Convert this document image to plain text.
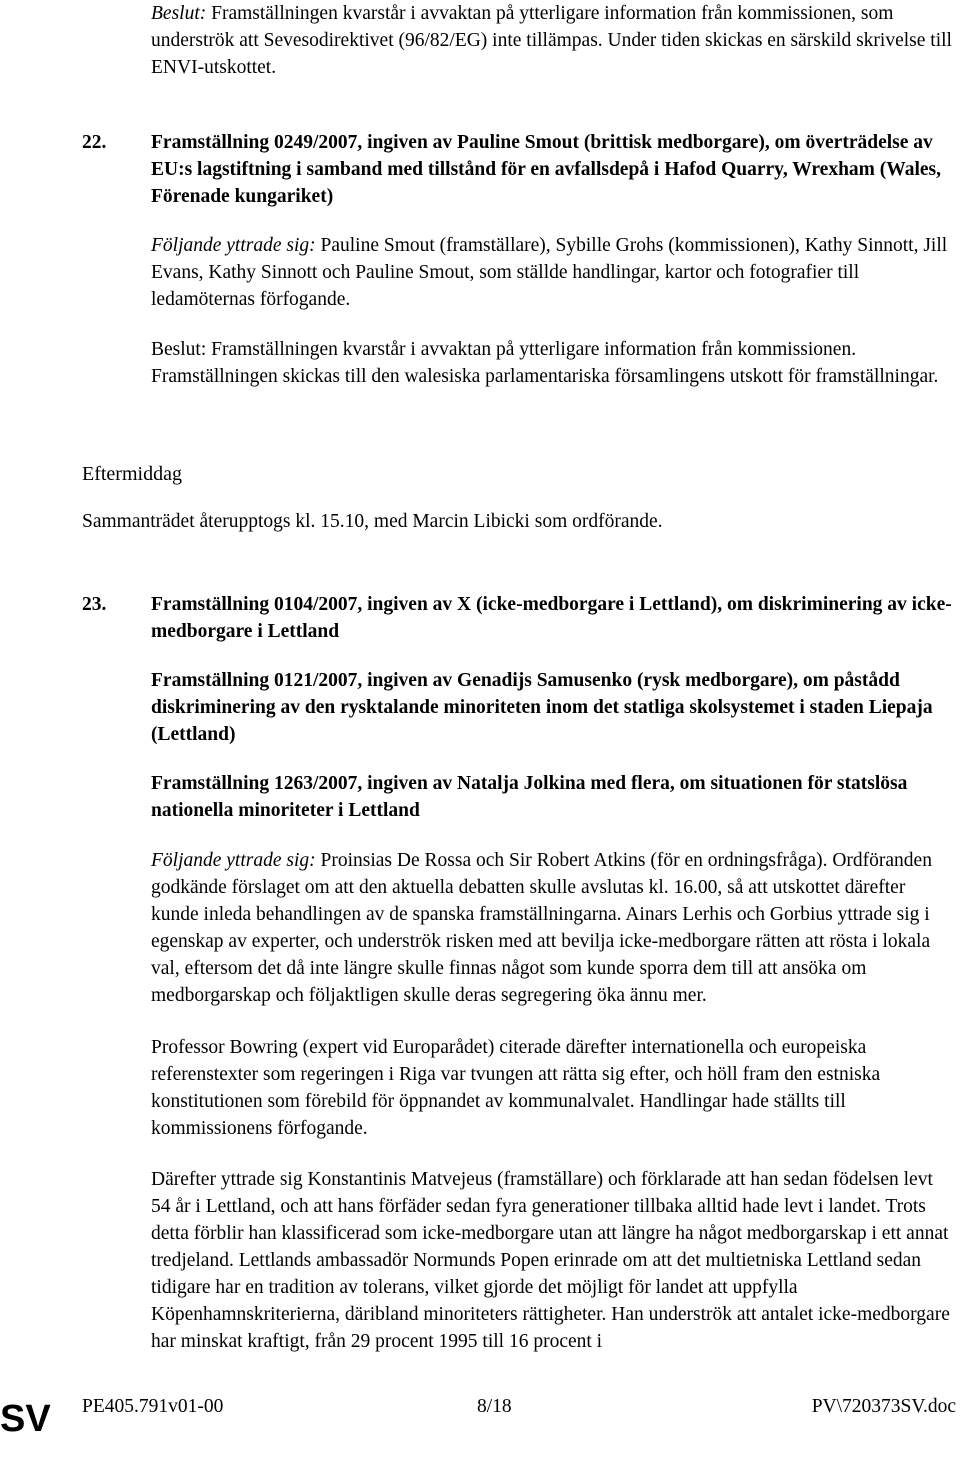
Beslut: Framställningen kvarstår i avvaktan på ytterligare information från kommissionen, som underströk att Sevesodirektivet (96/82/EG) inte tillämpas. Under tiden skickas en särskild skrivelse till ENVI-utskottet.

22. Framställning 0249/2007, ingiven av Pauline Smout (brittisk medborgare), om överträdelse av EU:s lagstiftning i samband med tillstånd för en avfallsdepå i Hafod Quarry, Wrexham (Wales, Förenade kungariket)

Följande yttrade sig: Pauline Smout (framställare), Sybille Grohs (kommissionen), Kathy Sinnott, Jill Evans, Kathy Sinnott och Pauline Smout, som ställde handlingar, kartor och fotografier till ledamöternas förfogande.

Beslut: Framställningen kvarstår i avvaktan på ytterligare information från kommissionen. Framställningen skickas till den walesiska parlamentariska församlingens utskott för framställningar.

Eftermiddag

Sammanträdet återupptogs kl. 15.10, med Marcin Libicki som ordförande.

23. Framställning 0104/2007, ingiven av X (icke-medborgare i Lettland), om diskriminering av icke-medborgare i Lettland

Framställning 0121/2007, ingiven av Genadijs Samusenko (rysk medborgare), om påstådd diskriminering av den rysktalande minoriteten inom det statliga skolsystemet i staden Liepaja (Lettland)

Framställning 1263/2007, ingiven av Natalja Jolkina med flera, om situationen för statslösa nationella minoriteter i Lettland

Följande yttrade sig: Proinsias De Rossa och Sir Robert Atkins (för en ordningsfråga). Ordföranden godkände förslaget om att den aktuella debatten skulle avslutas kl. 16.00, så att utskottet därefter kunde inleda behandlingen av de spanska framställningarna. Ainars Lerhis och Gorbius yttrade sig i egenskap av experter, och underströk risken med att bevilja icke-medborgare rätten att rösta i lokala val, eftersom det då inte längre skulle finnas något som kunde sporra dem till att ansöka om medborgarskap och följaktligen skulle deras segregering öka ännu mer.

Professor Bowring (expert vid Europarådet) citerade därefter internationella och europeiska referenstexter som regeringen i Riga var tvungen att rätta sig efter, och höll fram den estniska konstitutionen som förebild för öppnandet av kommunalvalet. Handlingar hade ställts till kommissionens förfogande.

Därefter yttrade sig Konstantinis Matvejeus (framställare) och förklarade att han sedan födelsen levt 54 år i Lettland, och att hans förfäder sedan fyra generationer tillbaka alltid hade levt i landet. Trots detta förblir han klassificerad som icke-medborgare utan att längre ha något medborgarskap i ett annat tredjeland. Lettlands ambassadör Normunds Popen erinrade om att det multietniska Lettland sedan tidigare har en tradition av tolerans, vilket gjorde det möjligt för landet att uppfylla Köpenhamnskriterierna, däribland minoriteters rättigheter. Han underströk att antalet icke-medborgare har minskat kraftigt, från 29 procent 1995 till 16 procent i

PE405.791v01-00	8/18	PV\720373SV.doc
SV
